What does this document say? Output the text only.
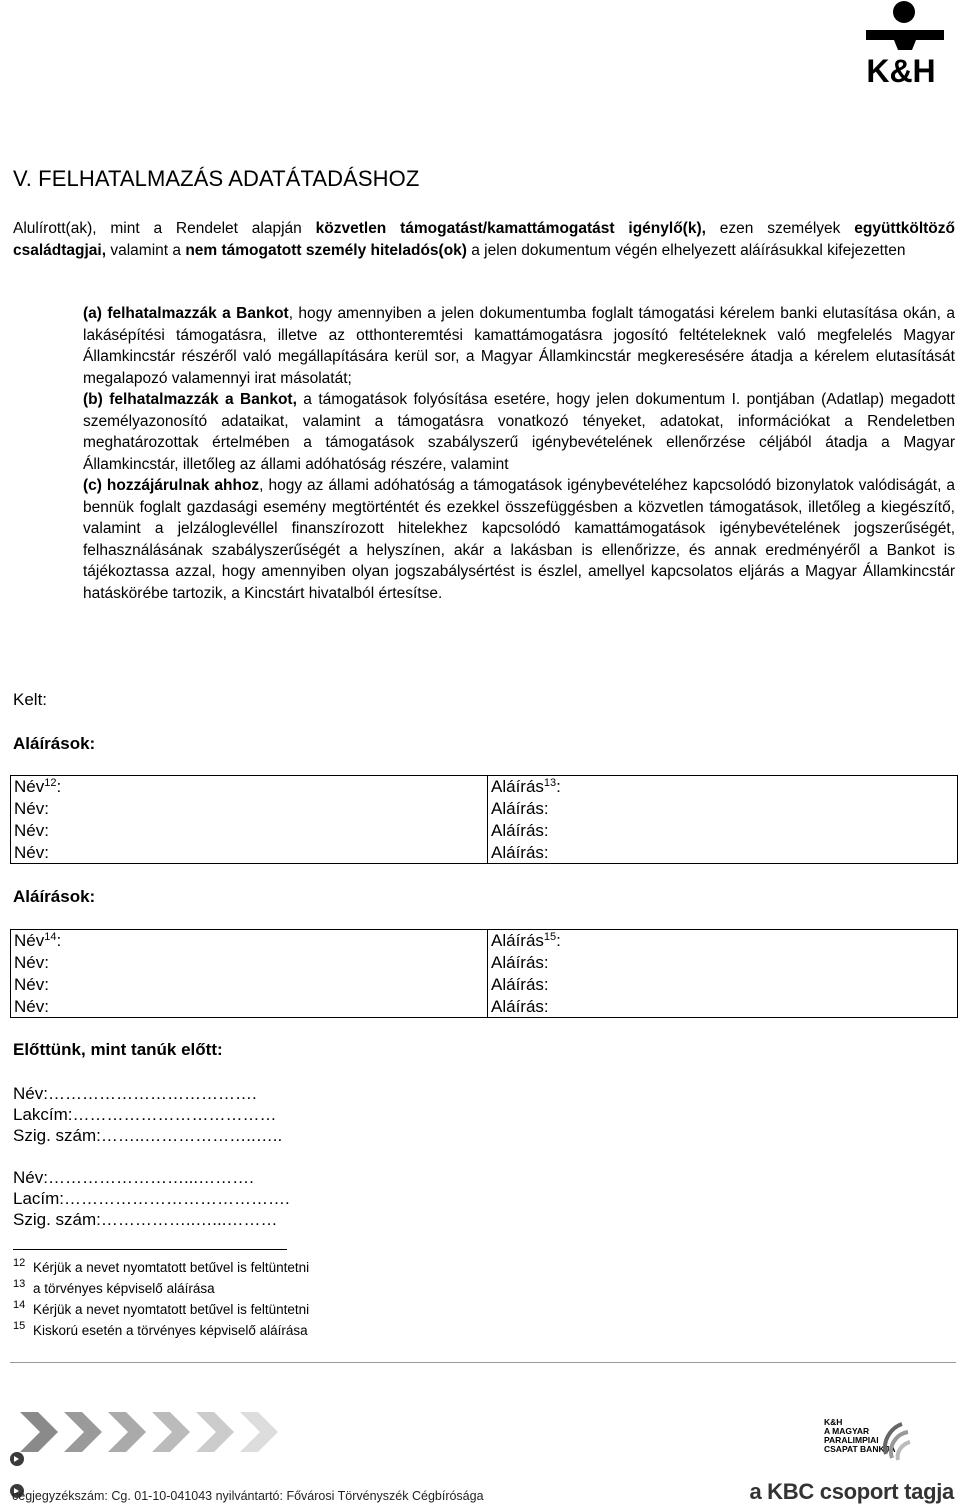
K&H
V. FELHATALMAZÁS ADATÁTADÁSHOZ

Alulírott(ak), mint a Rendelet alapján közvetlen támogatást/kamattámogatást igénylő(k), ezen személyek együttköltöző családtagjai, valamint a nem támogatott személy hiteladós(ok) a jelen dokumentum végén elhelyezett aláírásukkal kifejezetten

(a) felhatalmazzák a Bankot, hogy amennyiben a jelen dokumentumba foglalt támogatási kérelem banki elutasítása okán, a lakásépítési támogatásra, illetve az otthonteremtési kamattámogatásra jogosító feltételeknek való megfelelés Magyar Államkincstár részéről való megállapítására kerül sor, a Magyar Államkincstár megkeresésére átadja a kérelem elutasítását megalapozó valamennyi irat másolatát;

(b) felhatalmazzák a Bankot, a támogatások folyósítása esetére, hogy jelen dokumentum I. pontjában (Adatlap) megadott személyazonosító adataikat, valamint a támogatásra vonatkozó tényeket, adatokat, információkat a Rendeletben meghatározottak értelmében a támogatások szabályszerű igénybevételének ellenőrzése céljából átadja a Magyar Államkincstár, illetőleg az állami adóhatóság részére, valamint

(c) hozzájárulnak ahhoz, hogy az állami adóhatóság a támogatások igénybevételéhez kapcsolódó bizonylatok valódiságát, a bennük foglalt gazdasági esemény megtörténtét és ezekkel összefüggésben a közvetlen támogatások, illetőleg a kiegészítő, valamint a jelzáloglevéllel finanszírozott hitelekhez kapcsolódó kamattámogatások igénybevételének jogszerűségét, felhasználásának szabályszerűségét a helyszínen, akár a lakásban is ellenőrizze, és annak eredményéről a Bankot is tájékoztassa azzal, hogy amennyiben olyan jogszabálysértést is észlel, amellyel kapcsolatos eljárás a Magyar Államkincstár hatáskörébe tartozik, a Kincstárt hivatalból értesítse.

Kelt:
Aláírások:
Név$^{12}$:	Aláírás$^{13}$:
Név:	Aláírás:
Név:	Aláírás:
Név:	Aláírás:
Aláírások:
Név$^{14}$:	Aláírás$^{15}$:
Név:	Aláírás:
Név:	Aláírás:
Név:	Aláírás:
Előttünk, mint tanúk előtt:
Név:……………………………….
Lakcím:………………………………
Szig. szám:……..………………..…..
Név:……………………...……….
Lacím:………………………………….
Szig. szám:……………..…...………
12 Kérjük a nevet nyomtatott betűvel is feltüntetni
13 a törvényes képviselő aláírása
14 Kérjük a nevet nyomtatott betűvel is feltüntetni
15 Kiskorú esetén a törvényes képviselő aláírása
K&H
A MAGYAR
PARALIMPIAI
CSAPAT BANKJA
cégjegyzékszám: Cg. 01-10-041043 nyilvántartó: Fővárosi Törvényszék Cégbírósága	a KBC csoport tagja
